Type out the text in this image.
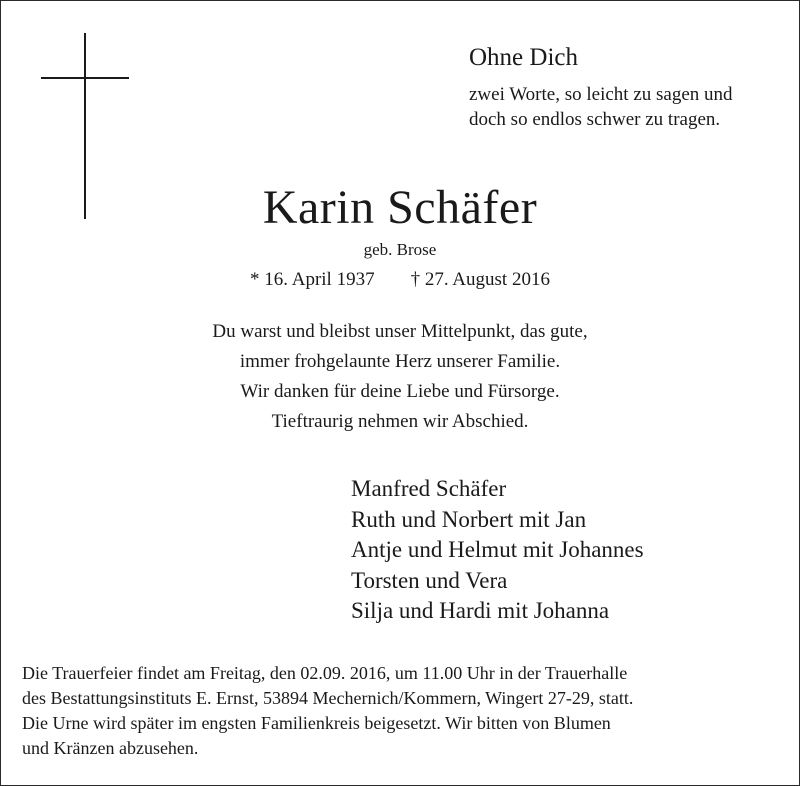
Ohne Dich
zwei Worte, so leicht zu sagen und
doch so endlos schwer zu tragen.
Karin Schäfer
geb. Brose
* 16. April 1937 † 27. August 2016
Du warst und bleibst unser Mittelpunkt, das gute,
immer frohgelaunte Herz unserer Familie.
Wir danken für deine Liebe und Fürsorge.
Tieftraurig nehmen wir Abschied.
Manfred Schäfer
Ruth und Norbert mit Jan
Antje und Helmut mit Johannes
Torsten und Vera
Silja und Hardi mit Johanna
Die Trauerfeier findet am Freitag, den 02.09. 2016, um 11.00 Uhr in der Trauerhalle
des Bestattungsinstituts E. Ernst, 53894 Mechernich/Kommern, Wingert 27-29, statt.
Die Urne wird später im engsten Familienkreis beigesetzt. Wir bitten von Blumen
und Kränzen abzusehen.
